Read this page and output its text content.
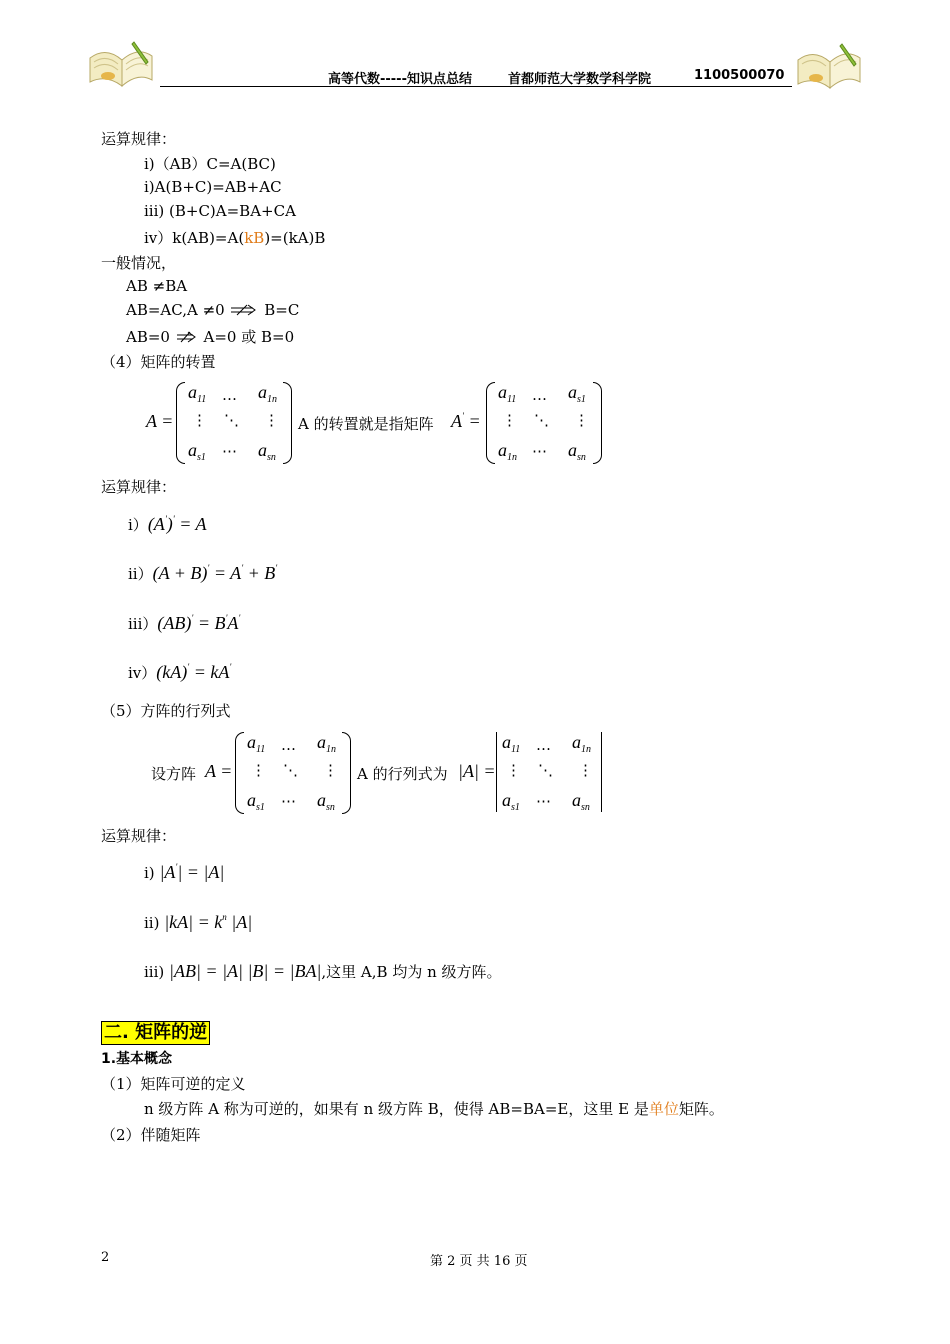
高等代数-----知识点总结	首都师范大学数学科学院	1100500070
运算规律：
i)（AB）C=A(BC)
i)A(B+C)=AB+AC
iii) (B+C)A=BA+CA
iv）k(AB)=A(kB)=(kA)B
一般情况，
AB ≠BA
AB=AC,A ≠0	B=C
AB=0 A=0 或 B=0
（4）矩阵的转置
A =
$a_{11}$ … $a_{1n}$
⋮ ⋱ ⋮
$a_{s1}$ ⋯ $a_{sn}$
A 的转置就是指矩阵 A' =
$a_{11}$ … $a_{s1}$
⋮ ⋱ ⋮
$a_{1n}$ ⋯ $a_{sn}$
运算规律：
i）(A')' = A
ii）(A + B)' = A' + B'
iii）(AB)' = B'A'
iv）(kA)' = kA'
（5）方阵的行列式
设方阵 A =
$a_{11}$ … $a_{1n}$
⋮ ⋱ ⋮
$a_{s1}$ ⋯ $a_{sn}$
A 的行列式为 |A| =
$a_{11}$ … $a_{1n}$
⋮ ⋱ ⋮
$a_{s1}$ ⋯ $a_{sn}$
运算规律：
i) |A'| = |A|
ii) $|kA| = k^n$ |A|
iii) |AB| = |A| |B| = |BA|,这里 A,B 均为 n 级方阵。
二. 矩阵的逆
1.基本概念
（1）矩阵可逆的定义
n 级方阵 A 称为可逆的，如果有 n 级方阵 B，使得 AB=BA=E，这里 E 是单位矩阵。
（2）伴随矩阵
2	第 2 页 共 16 页
